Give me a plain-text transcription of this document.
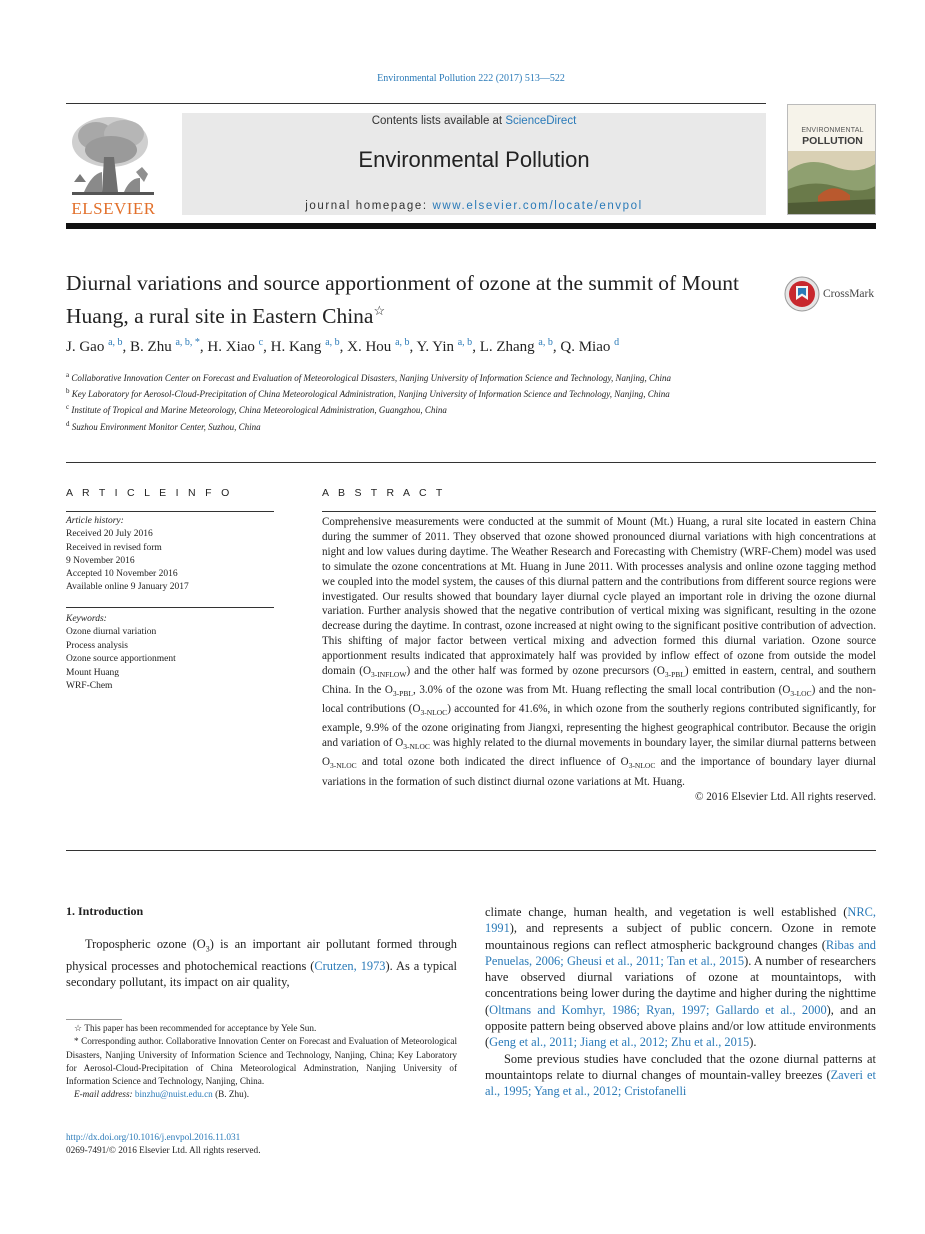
Environmental Pollution 222 (2017) 513—522
ELSEVIER
Contents lists available at ScienceDirect
Environmental Pollution
journal homepage: www.elsevier.com/locate/envpol
ENVIRONMENTAL
POLLUTION
Diurnal variations and source apportionment of ozone at the summit of Mount Huang, a rural site in Eastern China☆
CrossMark
J. Gao $^{a, b}$, B. Zhu $^{a, b, *}$, H. Xiao $^c$, H. Kang $^{a, b}$, X. Hou $^{a, b}$, Y. Yin $^{a, b}$, L. Zhang $^{a, b}$, Q. Miao $^d$
$^a$ Collaborative Innovation Center on Forecast and Evaluation of Meteorological Disasters, Nanjing University of Information Science and Technology, Nanjing, China
$^b$ Key Laboratory for Aerosol-Cloud-Precipitation of China Meteorological Administration, Nanjing University of Information Science and Technology, Nanjing, China
$^c$ Institute of Tropical and Marine Meteorology, China Meteorological Administration, Guangzhou, China
$^d$ Suzhou Environment Monitor Center, Suzhou, China
A R T I C L E I N F O
Article history:
Received 20 July 2016
Received in revised form
9 November 2016
Accepted 10 November 2016
Available online 9 January 2017
Keywords:
Ozone diurnal variation
Process analysis
Ozone source apportionment
Mount Huang
WRF-Chem
A B S T R A C T
Comprehensive measurements were conducted at the summit of Mount (Mt.) Huang, a rural site located in eastern China during the summer of 2011. They observed that ozone showed pronounced diurnal variations with high concentrations at night and low values during daytime. The Weather Research and Forecasting with Chemistry (WRF-Chem) model was used to simulate the ozone concentrations at Mt. Huang in June 2011. With processes analysis and online ozone tagging method we coupled into the model system, the causes of this diurnal pattern and the contributions from different source regions were investigated. Our results showed that boundary layer diurnal cycle played an important role in driving the ozone diurnal variation. Further analysis showed that the negative contribution of vertical mixing was significant, resulting in the ozone decrease during the daytime. In contrast, ozone increased at night owing to the significant positive contribution of advection. This shifting of major factor between vertical mixing and advection formed this diurnal variation. Ozone source apportionment results indicated that approximately half was provided by inflow effect of ozone from outside the model domain $(O_{3-INFLOW})$ and the other half was formed by ozone precursors $(O_{3-PBL})$ emitted in eastern, central, and southern China. In the $O_{3-PBL}$, 3.0% of the ozone was from Mt. Huang reflecting the small local contribution $(O_{3-LOC})$ and the non-local contributions $(O_{3-NLOC})$ accounted for 41.6%, in which ozone from the southerly regions contributed significantly, for example, 9.9% of the ozone originating from Jiangxi, representing the highest geographical contributor. Because the origin and variation of $O_{3-NLOC}$ was highly related to the diurnal movements in boundary layer, the similar diurnal patterns between $O_{3-NLOC}$ and total ozone both indicated the direct influence of $O_{3-NLOC}$ and the importance of boundary layer diurnal variations in the formation of such distinct diurnal ozone variations at Mt. Huang.
© 2016 Elsevier Ltd. All rights reserved.
1. Introduction

Tropospheric ozone $(O_3)$ is an important air pollutant formed through physical processes and photochemical reactions (Crutzen, 1973). As a typical secondary pollutant, its impact on air quality,

☆ This paper has been recommended for acceptance by Yele Sun.

* Corresponding author. Collaborative Innovation Center on Forecast and Evaluation of Meteorological Disasters, Nanjing University of Information Science and Technology, Nanjing, China; Key Laboratory for Aerosol-Cloud-Precipitation of China Meteorological Adminstration, Nanjing University of Information Science and Technology, Nanjing, China.

E-mail address: binzhu@nuist.edu.cn (B. Zhu).

http://dx.doi.org/10.1016/j.envpol.2016.11.031
0269-7491/© 2016 Elsevier Ltd. All rights reserved.

climate change, human health, and vegetation is well established (NRC, 1991), and represents a subject of public concern. Ozone in remote mountainous regions can reflect atmospheric background changes (Ribas and Penuelas, 2006; Gheusi et al., 2011; Tan et al., 2015). A number of researchers have observed diurnal variations of ozone at mountaintops, with concentrations being lower during the daytime and higher during the nighttime (Oltmans and Komhyr, 1986; Ryan, 1997; Gallardo et al., 2000), and an opposite pattern being observed above plains and/or low attitude environments (Geng et al., 2011; Jiang et al., 2012; Zhu et al., 2015).

Some previous studies have concluded that the ozone diurnal patterns at mountaintops relate to diurnal changes of mountain-valley breezes (Zaveri et al., 1995; Yang et al., 2012; Cristofanelli
